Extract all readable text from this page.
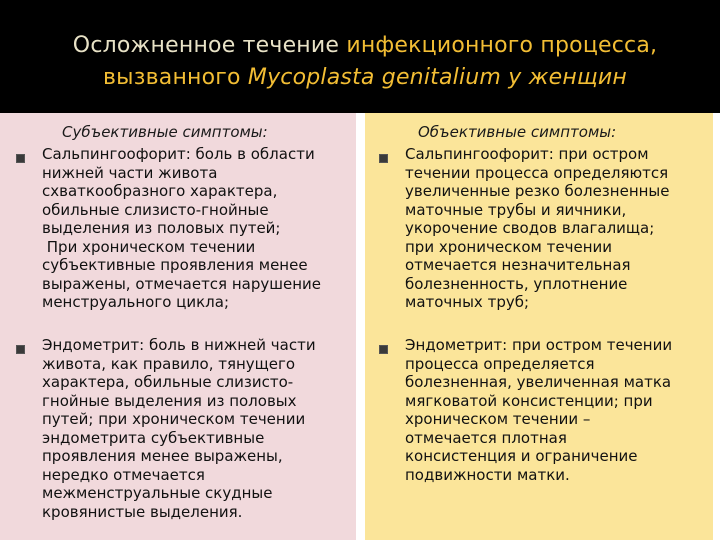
Осложненное течение инфекционного процесса,
вызванного Mycoplasta genitalium у женщин
Субъективные симптомы:
Сальпингоофорит: боль в области
нижней части живота
схваткообразного характера,
обильные слизисто-гнойные
выделения из половых путей;
При хроническом течении
субъективные проявления менее
выражены, отмечается нарушение
менструального цикла;
Эндометрит: боль в нижней части
живота, как правило, тянущего
характера, обильные слизисто-
гнойные выделения из половых
путей; при хроническом течении
эндометрита субъективные
проявления менее выражены,
нередко отмечается
межменструальные скудные
кровянистые выделения.
Объективные симптомы:
Сальпингоофорит: при остром
течении процесса определяются
увеличенные резко болезненные
маточные трубы и яичники,
укорочение сводов влагалища;
при хроническом течении
отмечается незначительная
болезненность, уплотнение
маточных труб;
Эндометрит: при остром течении
процесса определяется
болезненная, увеличенная матка
мягковатой консистенции; при
хроническом течении –
отмечается плотная
консистенция и ограничение
подвижности матки.
